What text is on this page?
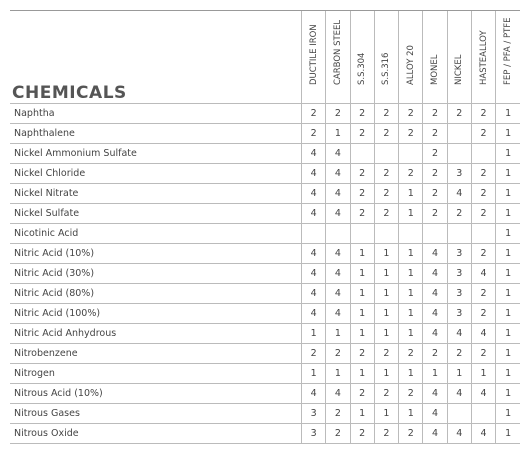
CHEMICALS	DUCTILE IRON	CARBON STEEL	S.S.304	S.S.316	ALLOY 20	MONEL	NICKEL	HASTEALLOY	FEP / PFA / PTFE

Naphtha	2	2	2	2	2	2	2	2	1
Naphthalene	2	1	2	2	2	2		2	1
Nickel Ammonium Sulfate	4	4				2			1
Nickel Chloride	4	4	2	2	2	2	3	2	1
Nickel Nitrate	4	4	2	2	1	2	4	2	1
Nickel Sulfate	4	4	2	2	1	2	2	2	1
Nicotinic Acid									1
Nitric Acid (10%)	4	4	1	1	1	4	3	2	1
Nitric Acid (30%)	4	4	1	1	1	4	3	4	1
Nitric Acid (80%)	4	4	1	1	1	4	3	2	1
Nitric Acid (100%)	4	4	1	1	1	4	3	2	1
Nitric Acid Anhydrous	1	1	1	1	1	4	4	4	1
Nitrobenzene	2	2	2	2	2	2	2	2	1
Nitrogen	1	1	1	1	1	1	1	1	1
Nitrous Acid (10%)	4	4	2	2	2	4	4	4	1
Nitrous Gases	3	2	1	1	1	4			1
Nitrous Oxide	3	2	2	2	2	4	4	4	1
